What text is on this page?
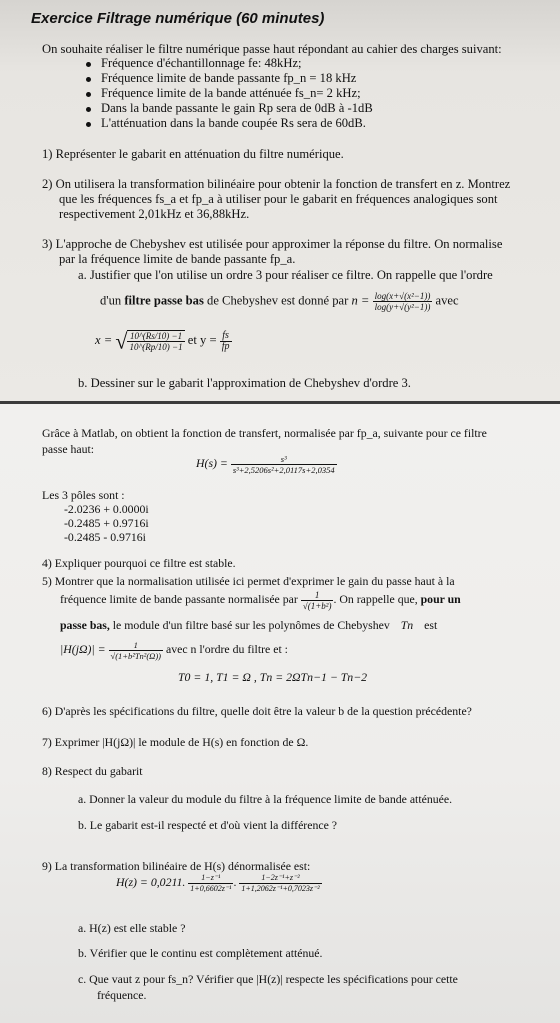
Exercice Filtrage numérique (60 minutes)

On souhaite réaliser le filtre numérique passe haut répondant au cahier des charges suivant:

Fréquence d'échantillonnage fe: 48kHz;

Fréquence limite de bande passante fp_n = 18 kHz

Fréquence limite de la bande atténuée fs_n= 2 kHz;

Dans la bande passante le gain Rp sera de 0dB à -1dB

L'atténuation dans la bande coupée Rs sera de 60dB.

1) Représenter le gabarit en atténuation du filtre numérique.

2) On utilisera la transformation bilinéaire pour obtenir la fonction de transfert en z. Montrez

que les fréquences fs_a et fp_a à utiliser pour le gabarit en fréquences analogiques sont

respectivement 2,01kHz et 36,88kHz.

3) L'approche de Chebyshev est utilisée pour approximer la réponse du filtre. On normalise

par la fréquence limite de bande passante fp_a.

a. Justifier que l'on utilise un ordre 3 pour réaliser ce filtre. On rappelle que l'ordre

d'un filtre passe bas de Chebyshev est donné par $n = \frac{\text{log(x+√(x²−1))}}{\text{log(y+√(y²−1))}}$ avec
x = √ $\frac{10\^{}(Rs/10) -1}{10\^{}(Rp/10) -1}$ et $y = \frac{fs}{fp}$

b. Dessiner sur le gabarit l'approximation de Chebyshev d'ordre 3.

Grâce à Matlab, on obtient la fonction de transfert, normalisée par fp_a, suivante pour ce filtre

passe haut:

$H(s) = \frac{\text{s³}}{\text{s³+2,5206s²+2,0117s+2,0354}}$

Les 3 pôles sont :

-2.0236 + 0.0000i

-0.2485 + 0.9716i

-0.2485 - 0.9716i

4) Expliquer pourquoi ce filtre est stable.

5) Montrer que la normalisation utilisée ici permet d'exprimer le gain du passe haut à la

fréquence limite de bande passante normalisée par $\frac{1}{\text{√(1+b²)}}$ . On rappelle que, pour un
passe bas, le module d'un filtre basé sur les polynômes de Chebyshev Tn est
$|H(j\Omega)| = \frac{1}{\text{√(1+b²Tn²(Ω))}}$ avec n l'ordre du filtre et :

T0 = 1, T1 = Ω , Tn = 2ΩTn−1 − Tn−2

6) D'après les spécifications du filtre, quelle doit être la valeur b de la question précédente?

7) Exprimer |H(jΩ)| le module de H(s) en fonction de Ω.

8) Respect du gabarit

a. Donner la valeur du module du filtre à la fréquence limite de bande atténuée.

b. Le gabarit est-il respecté et d'où vient la différence ?

9) La transformation bilinéaire de H(s) dénormalisée est:

H(z) = 0,0211. $\frac{\text{1−z⁻¹}}{\text{1+0,6602z⁻¹}}$ . $\frac{\text{1−2z⁻¹+z⁻²}}{\text{1+1,2062z⁻¹+0,7023z⁻²}}$

a. H(z) est elle stable ?

b. Vérifier que le continu est complètement atténué.

c. Que vaut z pour fs_n? Vérifier que |H(z)| respecte les spécifications pour cette

fréquence.
